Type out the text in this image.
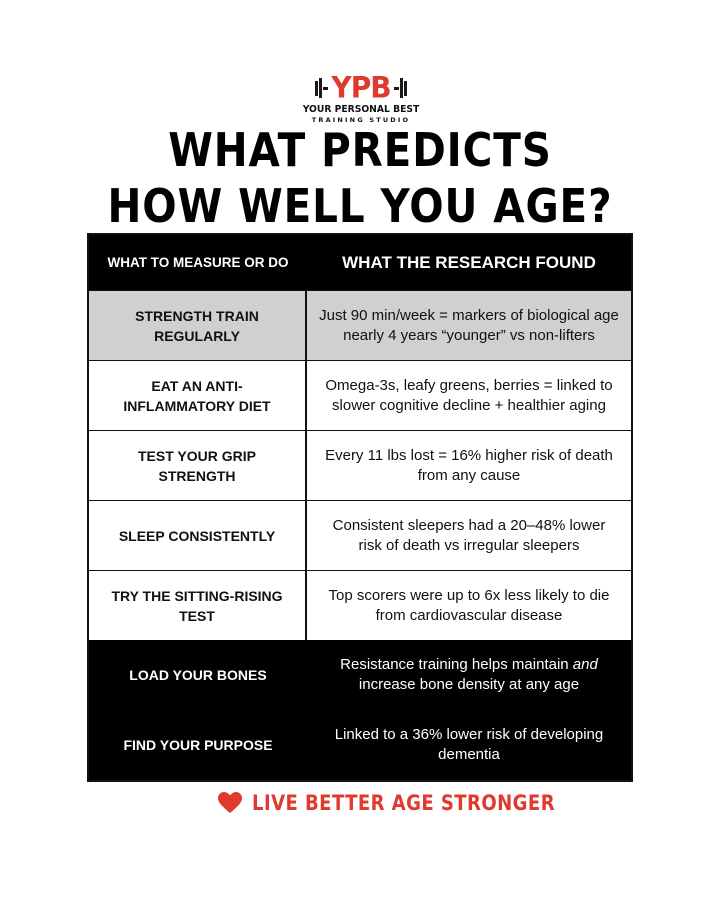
YPB
YOUR PERSONAL BEST
TRAINING STUDIO
WHAT PREDICTS
HOW WELL YOU AGE?
WHAT TO MEASURE OR DO	WHAT THE RESEARCH FOUND
STRENGTH TRAIN REGULARLY
Just 90 min/week = markers of biological age nearly 4 years “younger” vs non-lifters
EAT AN ANTI-INFLAMMATORY DIET
Omega-3s, leafy greens, berries = linked to slower cognitive decline + healthier aging
TEST YOUR GRIP STRENGTH
Every 11 lbs lost = 16% higher risk of death from any cause
SLEEP CONSISTENTLY
Consistent sleepers had a 20–48% lower risk of death vs irregular sleepers
TRY THE SITTING-RISING TEST
Top scorers were up to 6x less likely to die from cardiovascular disease
LOAD YOUR BONES
Resistance training helps maintain and increase bone density at any age
FIND YOUR PURPOSE
Linked to a 36% lower risk of developing dementia
LIVE BETTER AGE STRONGER
